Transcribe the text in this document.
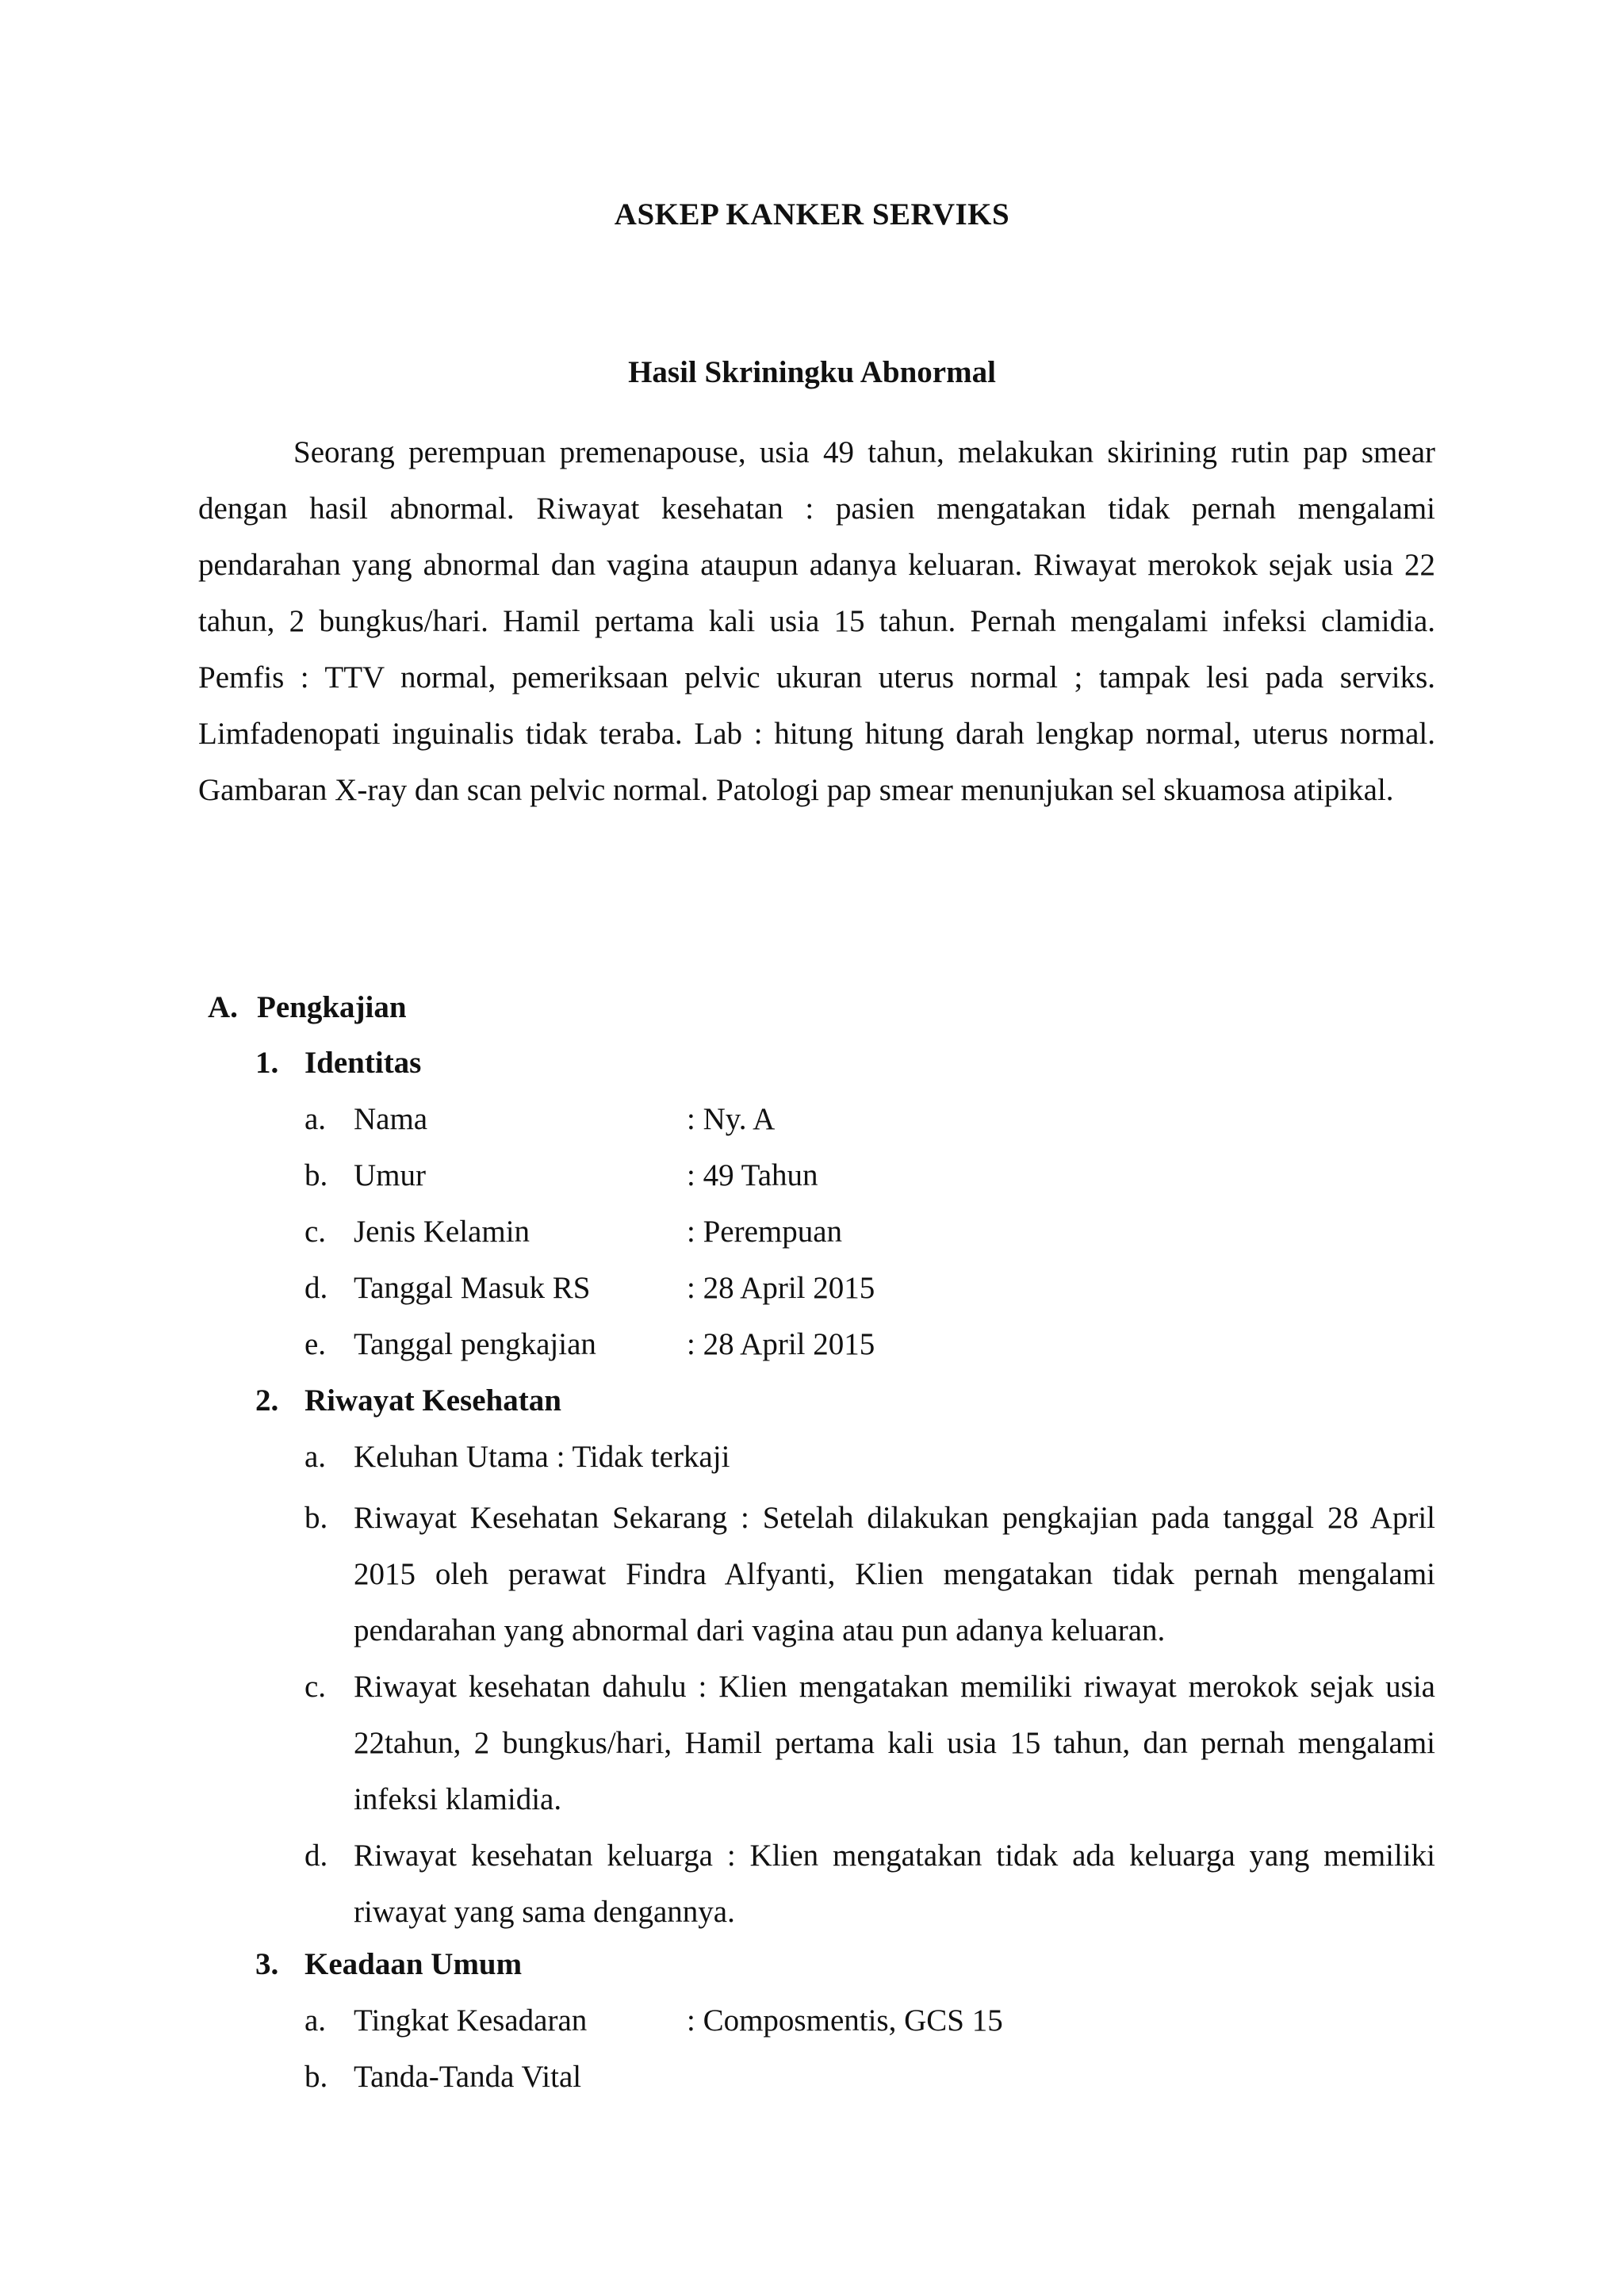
ASKEP KANKER SERVIKS
Hasil Skriningku Abnormal

Seorang perempuan premenapouse, usia 49 tahun, melakukan skirining rutin pap smear dengan hasil abnormal. Riwayat kesehatan : pasien mengatakan tidak pernah mengalami pendarahan yang abnormal dan vagina ataupun adanya keluaran. Riwayat merokok sejak usia 22 tahun, 2 bungkus/hari. Hamil pertama kali usia 15 tahun. Pernah mengalami infeksi clamidia. Pemfis : TTV normal, pemeriksaan pelvic ukuran uterus normal ; tampak lesi pada serviks. Limfadenopati inguinalis tidak teraba. Lab : hitung hitung darah lengkap normal, uterus normal. Gambaran X-ray dan scan pelvic normal. Patologi pap smear menunjukan sel skuamosa atipikal.

A. Pengkajian
1. Identitas
a. Nama	: Ny. A
b. Umur	: 49 Tahun
c. Jenis Kelamin	: Perempuan
d. Tanggal Masuk RS	: 28 April 2015
e. Tanggal pengkajian	: 28 April 2015
2. Riwayat Kesehatan
a. Keluhan Utama : Tidak terkaji
b. Riwayat Kesehatan Sekarang : Setelah dilakukan pengkajian pada tanggal 28 April 2015 oleh perawat Findra Alfyanti, Klien mengatakan tidak pernah mengalami pendarahan yang abnormal dari vagina atau pun adanya keluaran.
c. Riwayat kesehatan dahulu : Klien mengatakan memiliki riwayat merokok sejak usia 22tahun, 2 bungkus/hari, Hamil pertama kali usia 15 tahun, dan pernah mengalami infeksi klamidia.
d. Riwayat kesehatan keluarga : Klien mengatakan tidak ada keluarga yang memiliki riwayat yang sama dengannya.
3. Keadaan Umum
a. Tingkat Kesadaran	: Composmentis, GCS 15
b. Tanda-Tanda Vital
